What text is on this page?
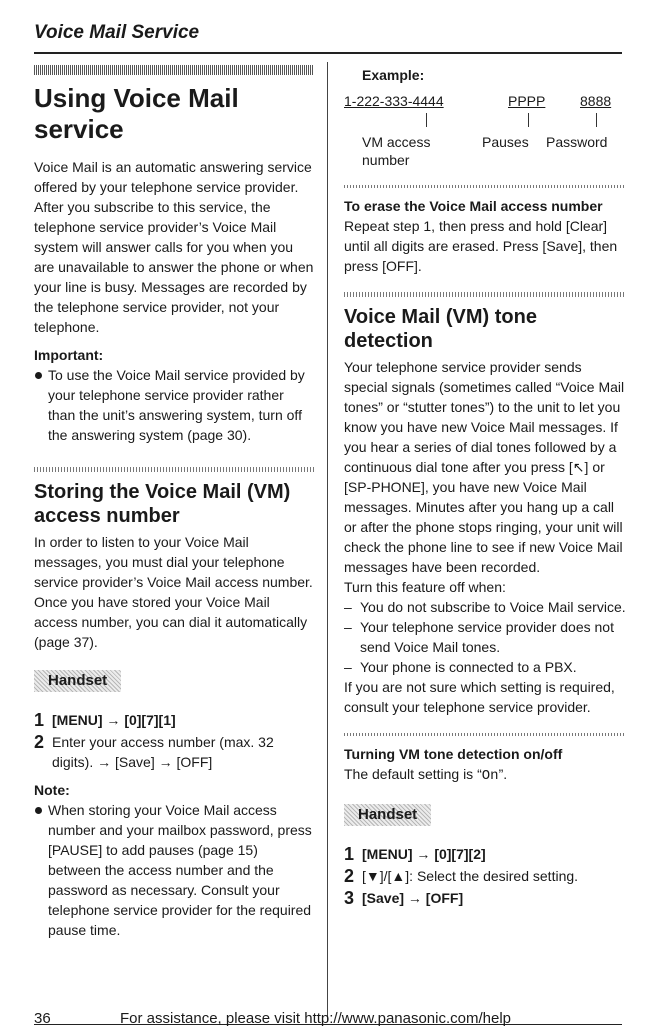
Voice Mail Service
Using Voice Mail service

Voice Mail is an automatic answering service offered by your telephone service provider. After you subscribe to this service, the telephone service provider’s Voice Mail system will answer calls for you when you are unavailable to answer the phone or when your line is busy. Messages are recorded by the telephone service provider, not your telephone.

Important:
To use the Voice Mail service provided by your telephone service provider rather than the unit’s answering system, turn off the answering system (page 30).
Storing the Voice Mail (VM) access number

In order to listen to your Voice Mail messages, you must dial your telephone service provider’s Voice Mail access number. Once you have stored your Voice Mail access number, you can dial it automatically (page 37).

Handset
1 [MENU] → [0][7][1]
2 Enter your access number (max. 32 digits). → [Save] → [OFF]
Note:
When storing your Voice Mail access number and your mailbox password, press [PAUSE] to add pauses (page 15) between the access number and the password as necessary. Consult your telephone service provider for the required pause time.
Example:
1-222-333-4444	PPPP 8888
VM access number
Pauses Password
To erase the Voice Mail access number

Repeat step 1, then press and hold [Clear] until all digits are erased. Press [Save], then press [OFF].

Voice Mail (VM) tone detection

Your telephone service provider sends special signals (sometimes called “Voice Mail tones” or “stutter tones”) to the unit to let you know you have new Voice Mail messages. If you hear a series of dial tones followed by a continuous dial tone after you press [↖] or [SP-PHONE], you have new Voice Mail messages. Minutes after you hang up a call or after the phone stops ringing, your unit will check the phone line to see if new Voice Mail messages have been recorded.

Turn this feature off when:

– You do not subscribe to Voice Mail service.
– Your telephone service provider does not send Voice Mail tones.
– Your phone is connected to a PBX.

If you are not sure which setting is required, consult your telephone service provider.

Turning VM tone detection on/off

The default setting is “On”.

Handset
1 [MENU] → [0][7][2]
2 [▼]/[▲]: Select the desired setting.
3 [Save] → [OFF]
36	For assistance, please visit http://www.panasonic.com/help
